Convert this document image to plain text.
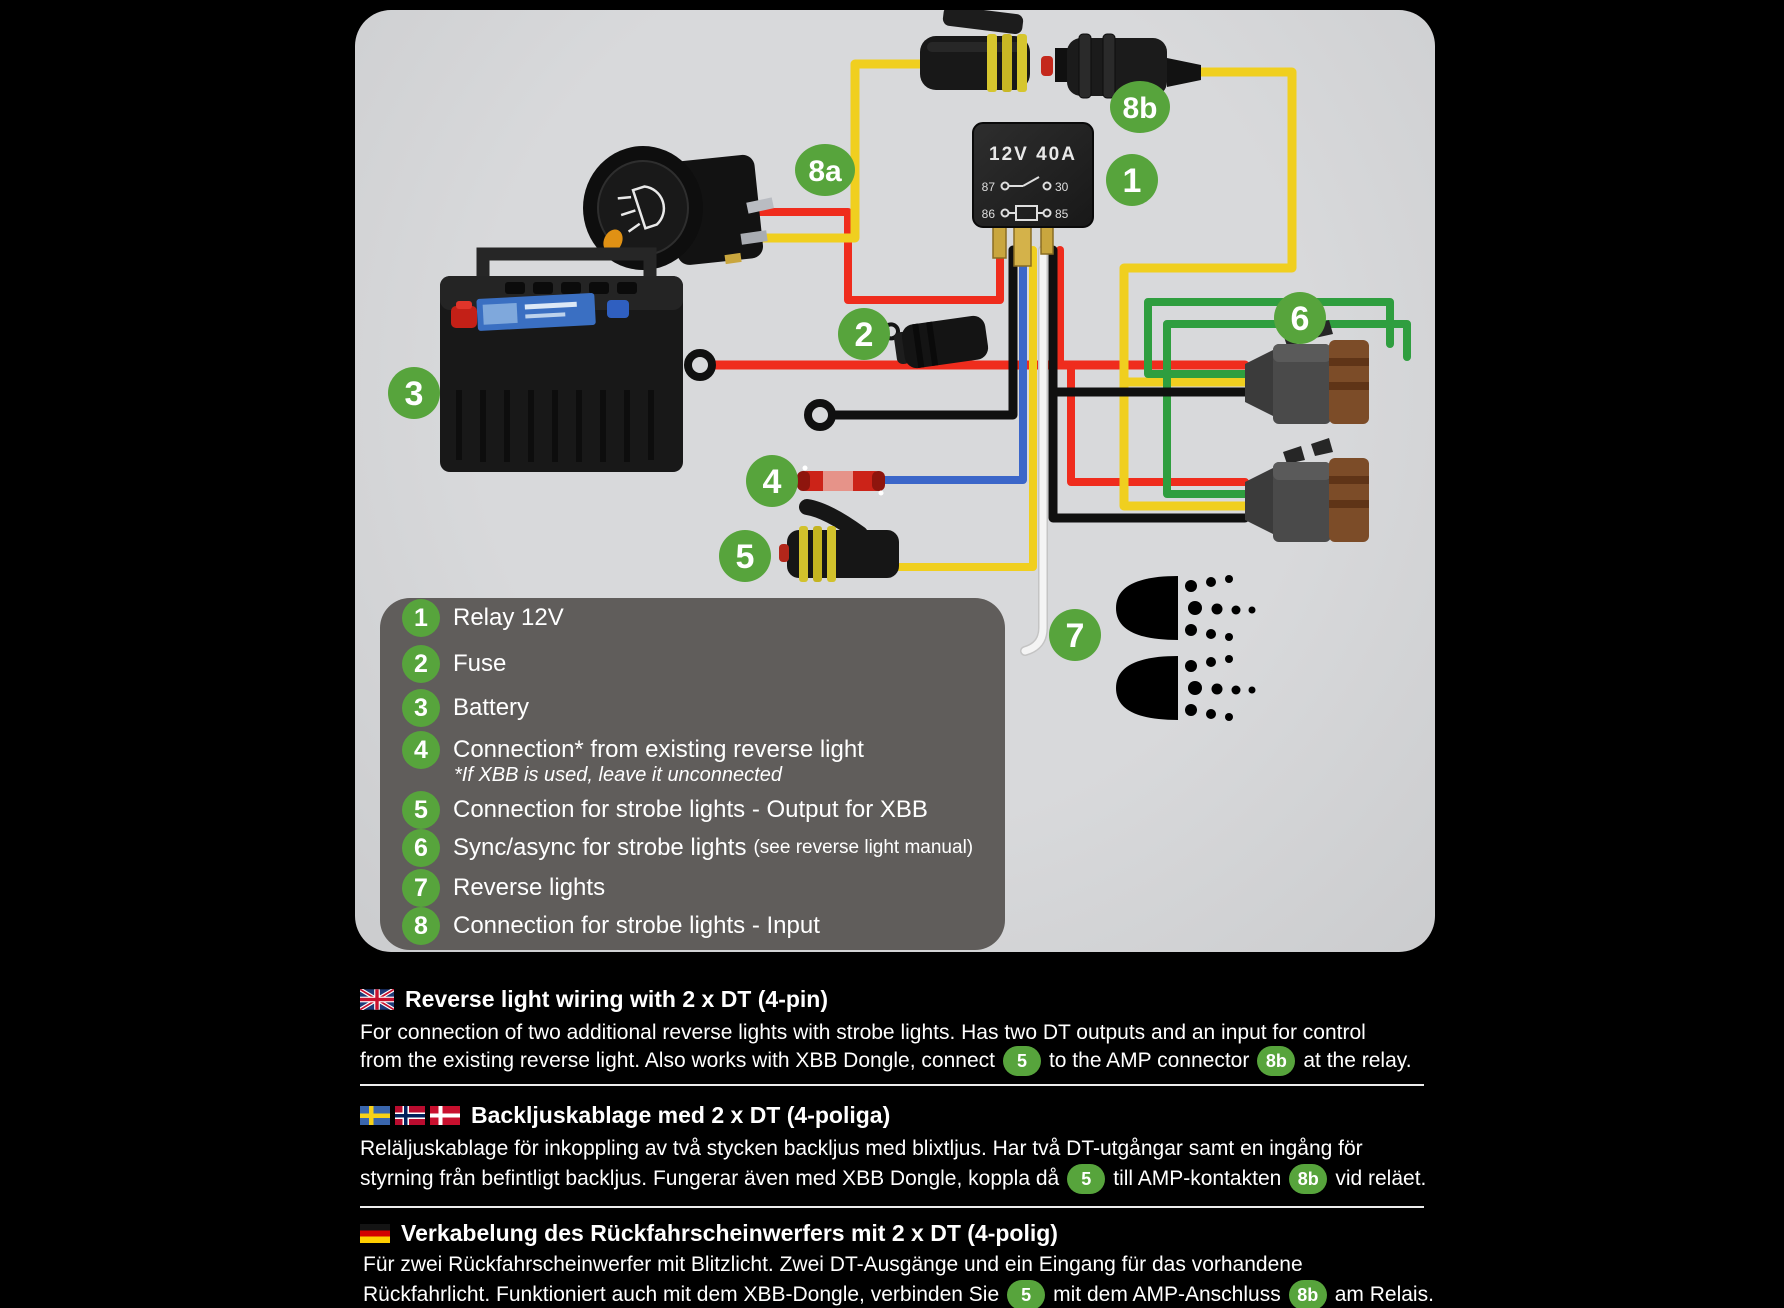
12V 40A
87	30
86	85
1
2
3
4
5
6
7
8a
8b
1	Relay 12V
2	Fuse
3	Battery
4	Connection* from existing reverse light
*If XBB is used, leave it unconnected
5	Connection for strobe lights - Output for XBB
6	Sync/async for strobe lights (see reverse light manual)
7	Reverse lights
8	Connection for strobe lights - Input
Reverse light wiring with 2 x DT (4-pin)
For connection of two additional reverse lights with strobe lights. Has two DT outputs and an input for control
from the existing reverse light. Also works with XBB Dongle, connect	5	to the AMP connector 8b at the relay.
Backljuskablage med 2 x DT (4-poliga)
Reläljuskablage för inkoppling av två stycken backljus med blixtljus. Har två DT-utgångar samt en ingång för
styrning från befintligt backljus. Fungerar även med XBB Dongle, koppla då	5	till AMP-kontakten 8b vid reläet.
Verkabelung des Rückfahrscheinwerfers mit 2 x DT (4-polig)
Für zwei Rückfahrscheinwerfer mit Blitzlicht. Zwei DT-Ausgänge und ein Eingang für das vorhandene
Rückfahrlicht. Funktioniert auch mit dem XBB-Dongle, verbinden Sie	5	mit dem AMP-Anschluss 8b am Relais.
